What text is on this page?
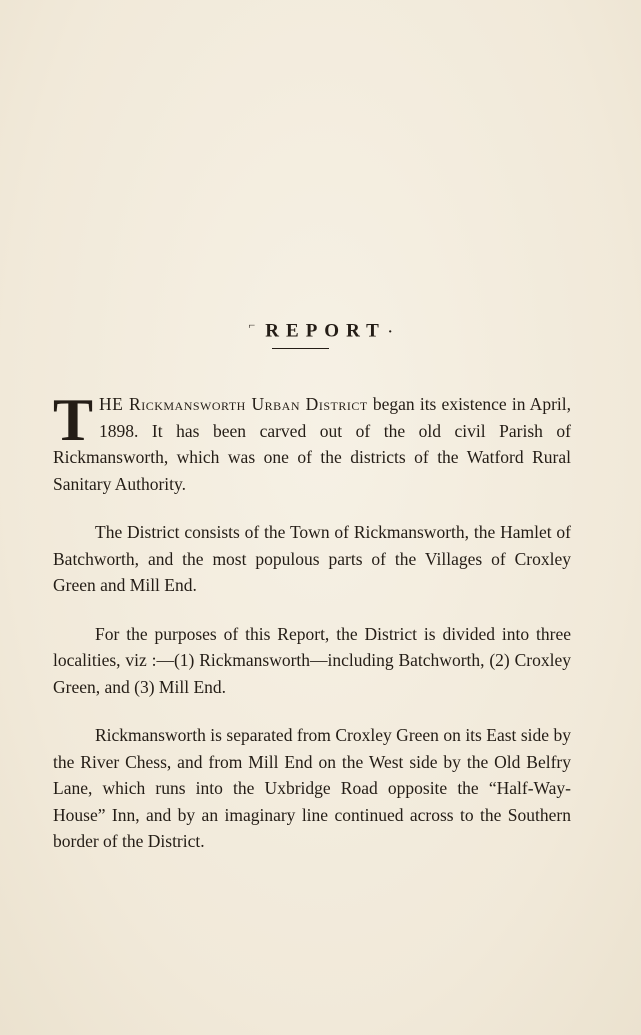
⌐ REPORT ·

THE Rickmansworth Urban District began its existence in April, 1898. It has been carved out of the old civil Parish of Rickmansworth, which was one of the districts of the Watford Rural Sanitary Authority.

The District consists of the Town of Rickmansworth, the Hamlet of Batchworth, and the most populous parts of the Villages of Croxley Green and Mill End.

For the purposes of this Report, the District is divided into three localities, viz :—(1) Rickmansworth—including Batchworth, (2) Croxley Green, and (3) Mill End.

Rickmansworth is separated from Croxley Green on its East side by the River Chess, and from Mill End on the West side by the Old Belfry Lane, which runs into the Uxbridge Road opposite the “Half-Way-House” Inn, and by an imaginary line continued across to the Southern border of the District.
